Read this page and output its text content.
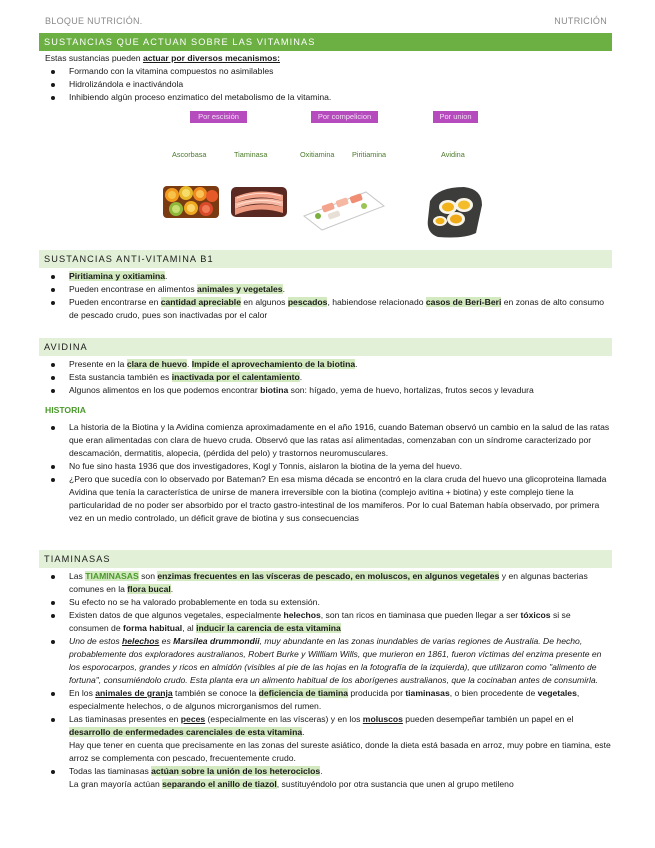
BLOQUE NUTRICIÓN.	NUTRICIÓN
SUSTANCIAS QUE ACTUAN SOBRE LAS VITAMINAS
Estas sustancias pueden actuar por diversos mecanismos:
Formando con la vitamina compuestos no asimilables
Hidrolizándola e inactivándola
Inhibiendo algún proceso enzimatico del metabolismo de la vitamina.
Por escisión	Por compelicion	Por union
Ascorbasa	Tiaminasa	Oxitiamina Piritiamina	Avidina
SUSTANCIAS ANTI-VITAMINA B1
Piritiamina y oxitiamina.
Pueden encontrase en alimentos animales y vegetales.
Pueden encontrarse en cantidad apreciable en algunos pescados, habiendose relacionado casos de Beri-Beri en zonas de alto consumo de pescado crudo, pues son inactivadas por el calor
AVIDINA
Presente en la clara de huevo. Impide el aprovechamiento de la biotina.
Esta sustancia también es inactivada por el calentamiento.
Algunos alimentos en los que podemos encontrar biotina son: hígado, yema de huevo, hortalizas, frutos secos y levadura
HISTORIA
La historia de la Biotina y la Avidina comienza aproximadamente en el año 1916, cuando Bateman observó un cambio en la salud de las ratas que eran alimentadas con clara de huevo cruda. Observó que las ratas así alimentadas, comenzaban con un síndrome caracterizado por descamación, dermatitis, alopecia, (pérdida del pelo) y trastornos neuromusculares.
No fue sino hasta 1936 que dos investigadores, Kogl y Tonnis, aislaron la biotina de la yema del huevo.
¿Pero que sucedía con lo observado por Bateman? En esa misma década se encontró en la clara cruda del huevo una glicoproteina llamada Avidina que tenía la característica de unirse de manera irreversible con la biotina (complejo avitina + biotina) y este complejo tiene la particularidad de no poder ser absorbido por el tracto gastro-intestinal de los mamiferos. Por lo cual Bateman había observado, por primera vez en un medio controlado, un déficit grave de biotina y sus consecuencias
TIAMINASAS
Las TIAMINASAS son enzimas frecuentes en las vísceras de pescado, en moluscos, en algunos vegetales y en algunas bacterias comunes en la flora bucal.
Su efecto no se ha valorado probablemente en toda su extensión.
Existen datos de que algunos vegetales, especialmente helechos, son tan ricos en tiaminasa que pueden llegar a ser tóxicos si se consumen de forma habitual, al inducir la carencia de esta vitamina
Uno de estos helechos es Marsilea drummondii, muy abundante en las zonas inundables de varias regiones de Australia. De hecho, probablemente dos exploradores australianos, Robert Burke y Willliam Wills, que murieron en 1861, fueron víctimas del enzima presente en los esporocarpos, grandes y ricos en almidón (visibles al pie de las hojas en la fotografía de la izquierda), que utilizaron como "alimento de fortuna", consumiéndolo crudo. Esta planta era un alimento habitual de los aborígenes australianos, que la cocinaban antes de consumirla.
En los animales de granja también se conoce la deficiencia de tiamina producida por tiaminasas, o bien procedente de vegetales, especialmente helechos, o de algunos microrganismos del rumen.
Las tiaminasas presentes en peces (especialmente en las vísceras) y en los moluscos pueden desempeñar también un papel en el desarrollo de enfermedades carenciales de esta vitamina.
Hay que tener en cuenta que precisamente en las zonas del sureste asiático, donde la dieta está basada en arroz, muy pobre en tiamina, este arroz se complementa con pescado, frecuentemente crudo.
Todas las tiaminasas actúan sobre la unión de los heterociclos.
La gran mayoría actúan separando el anillo de tiazol, sustituyéndolo por otra sustancia que unen al grupo metileno
